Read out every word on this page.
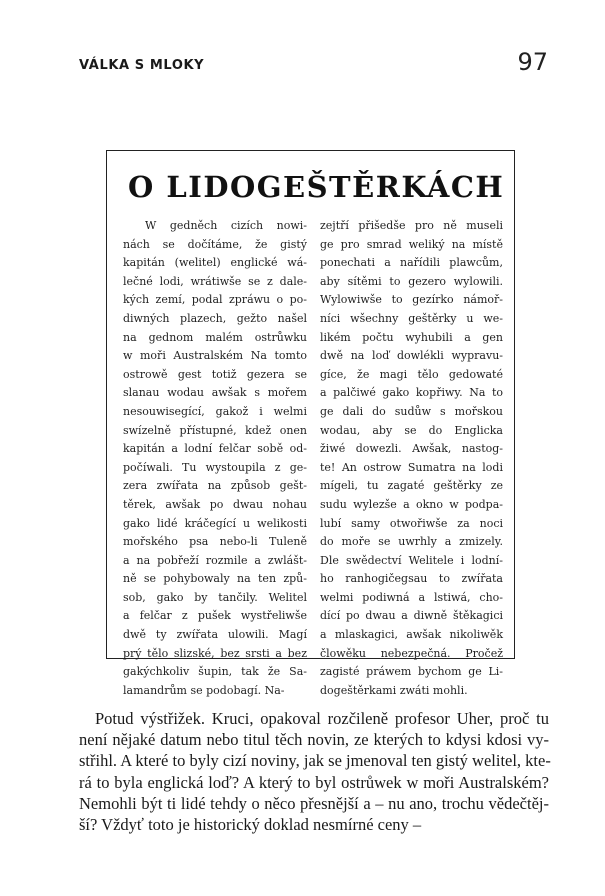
VÁLKA S MLOKY	97
O LIDOGEŠTĚRKÁCH
W gedněch cizích nowi-
nách se dočítáme, že gistý
kapitán (welitel) englické wá-
lečné lodi, wrátiwše se z dale-
kých zemí, podal zpráwu o po-
diwných plazech, gežto našel
na gednom malém ostrůwku
w moři Australském Na tomto
ostrowě gest totiž gezera se
slanau wodau awšak s mořem
nesouwisegící, gakož i welmi
swízelně přístupné, kdež onen
kapitán a lodní felčar sobě od-
počíwali. Tu wystoupila z ge-
zera zwířata na způsob gešt-
těrek, awšak po dwau nohau
gako lidé kráčegící u welikosti
mořského psa nebo-li Tuleně
a na pobřeží rozmile a zwlášt-
ně se pohybowaly na ten způ-
sob, gako by tančily. Welitel
a felčar z pušek wystřeliwše
dwě ty zwířata ulowili. Magí
prý tělo slizské, bez srsti a bez
gakýchkoliv šupin, tak že Sa-
lamandrům se podobagí. Na-
zejtří přišedše pro ně museli
ge pro smrad weliký na místě
ponechati a nařídili plawcům,
aby sítěmi to gezero wylowili.
Wylowiwše to gezírko námoř-
níci wšechny geštěrky u we-
likém počtu wyhubili a gen
dwě na loď dowlékli wypravu-
gíce, že magi tělo gedowaté
a palčiwé gako kopřiwy. Na to
ge dali do sudůw s mořskou
wodau, aby se do Englicka
žiwé dowezli. Awšak, nastog-
te! An ostrow Sumatra na lodi
mígeli, tu zagaté geštěrky ze
sudu wylezše a okno w podpa-
lubí samy otwořiwše za noci
do moře se uwrhly a zmizely.
Dle swědectví Welitele i lodní-
ho ranhogičegsau to zwířata
welmi podiwná a lstiwá, cho-
dící po dwau a diwně štěkagici
a mlaskagici, awšak nikoliwěk
člowěku nebezpečná. Pročež
zagisté práwem bychom ge Li-
dogeštěrkami zwáti mohli.
Potud výstřižek. Kruci, opakoval rozčileně profesor Uher, proč tu
není nějaké datum nebo titul těch novin, ze kterých to kdysi kdosi vy-
střihl. A které to byly cizí noviny, jak se jmenoval ten gistý welitel, kte-
rá to byla englická loď? A který to byl ostrůwek w moři Australském?
Nemohli být ti lidé tehdy o něco přesnější a – nu ano, trochu vědečtěj-
ší? Vždyť toto je historický doklad nesmírné ceny –
